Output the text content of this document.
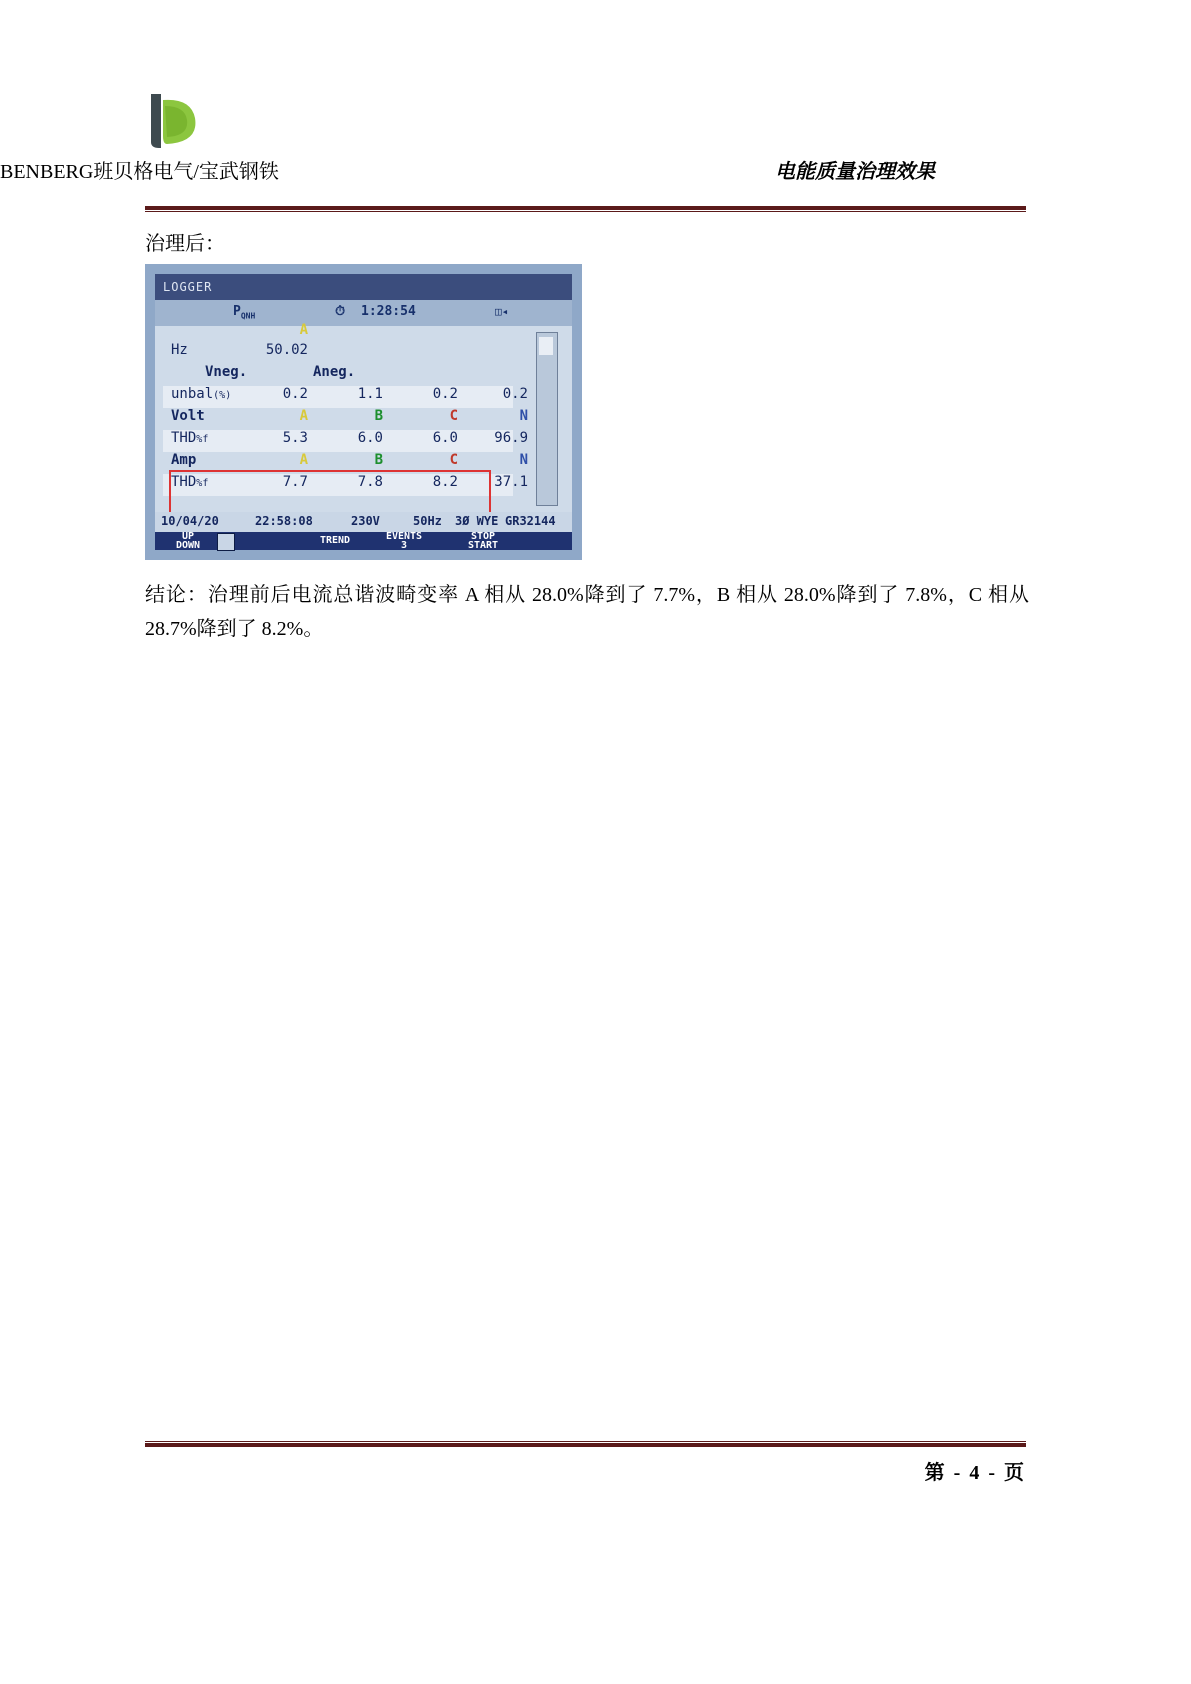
BENBERG班贝格电气/宝武钢铁	电能质量治理效果
治理后：
LOGGER
$P_{QNH}$	⏱ 1:28:54	◫◂
A
Hz	50.02
Vneg.	Aneg.
unbal(%)	0.2	1.1	0.2	0.2
Volt	A	B	C	N
THD%f	5.3	6.0	6.0	96.9
Amp	A	B	C	N
THD%f	7.7	7.8	8.2	37.1
10/04/20	22:58:08	230V	50Hz 3Ø WYE GR32144
UP
DOWN	TREND	EVENTS
3
STOP
START
结论：治理前后电流总谐波畸变率 A 相从 28.0%降到了 7.7%，B 相从 28.0%降到了 7.8%，C 相从 28.7%降到了 8.2%。
第 - 4 - 页
